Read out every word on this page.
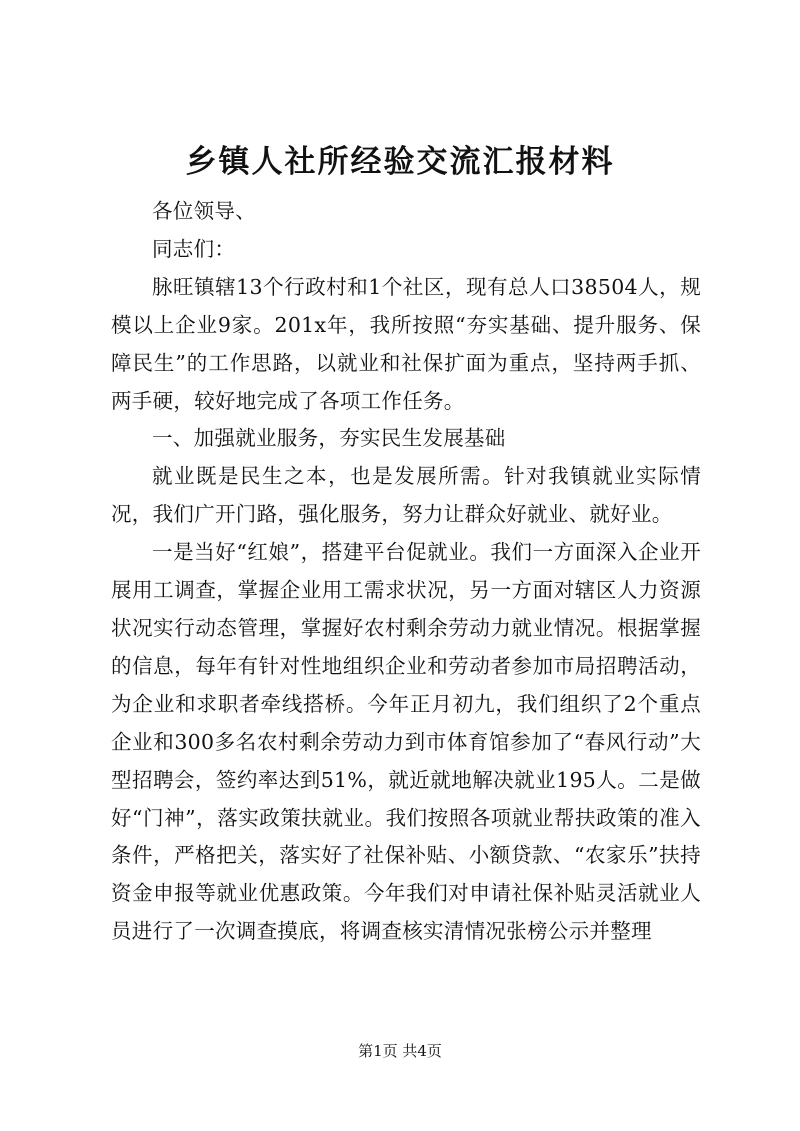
乡镇人社所经验交流汇报材料

各位领导、

同志们：

脉旺镇辖13个行政村和1个社区，现有总人口38504人，规模以上企业9家。201x年，我所按照“夯实基础、提升服务、保障民生”的工作思路，以就业和社保扩面为重点，坚持两手抓、两手硬，较好地完成了各项工作任务。

一、加强就业服务，夯实民生发展基础

就业既是民生之本，也是发展所需。针对我镇就业实际情况，我们广开门路，强化服务，努力让群众好就业、就好业。

一是当好“红娘”，搭建平台促就业。我们一方面深入企业开展用工调查，掌握企业用工需求状况，另一方面对辖区人力资源状况实行动态管理，掌握好农村剩余劳动力就业情况。根据掌握的信息，每年有针对性地组织企业和劳动者参加市局招聘活动，为企业和求职者牵线搭桥。今年正月初九，我们组织了2个重点企业和300多名农村剩余劳动力到市体育馆参加了“春风行动”大型招聘会，签约率达到51%，就近就地解决就业195人。二是做好“门神”，落实政策扶就业。我们按照各项就业帮扶政策的准入条件，严格把关，落实好了社保补贴、小额贷款、“农家乐”扶持资金申报等就业优惠政策。今年我们对申请社保补贴灵活就业人员进行了一次调查摸底，将调查核实清情况张榜公示并整理

第1页 共4页
